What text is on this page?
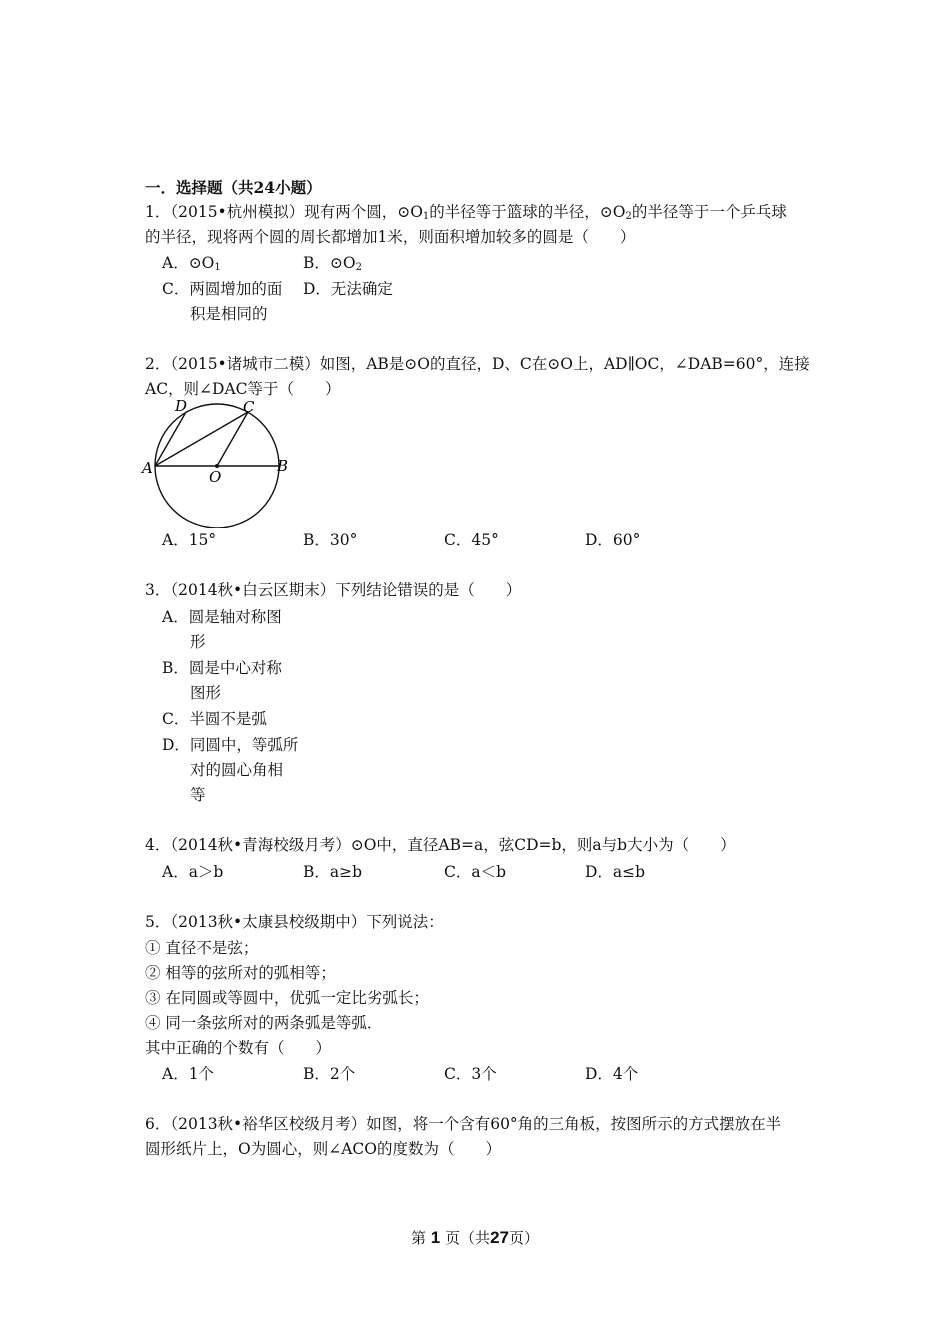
一．选择题（共24小题）
1．（2015•杭州模拟）现有两个圆，$⊙O_1$的半径等于篮球的半径，$⊙O_2$的半径等于一个乒乓球
的半径，现将两个圆的周长都增加1米，则面积增加较多的圆是（　　）
A．$⊙O_1$	B．$⊙O_2$
C．两圆增加的面
积是相同的
D．无法确定
2．（2015•诸城市二模）如图，AB是⊙O的直径，D、C在⊙O上，AD∥OC，∠DAB=60°，连接
AC，则∠DAC等于（　　）
D	C
A	O
B
A．15°	B．30°	C．45°	D．60°
3．（2014秋•白云区期末）下列结论错误的是（　　）
A．圆是轴对称图
形
B．圆是中心对称
图形
C．半圆不是弧
D．同圆中，等弧所
对的圆心角相
等
4．（2014秋•青海校级月考）⊙O中，直径AB=a，弦CD=b，则a与b大小为（　　）
A．a＞b	B．a≥b	C．a＜b	D．a≤b
5．（2013秋•太康县校级期中）下列说法：
① 直径不是弦；
② 相等的弦所对的弧相等；
③ 在同圆或等圆中，优弧一定比劣弧长；
④ 同一条弦所对的两条弧是等弧．
其中正确的个数有（　　）
A．1个	B．2个	C．3个	D．4个
6．（2013秋•裕华区校级月考）如图，将一个含有60°角的三角板，按图所示的方式摆放在半
圆形纸片上，O为圆心，则∠ACO的度数为（　　）
第 1 页（共27页）
